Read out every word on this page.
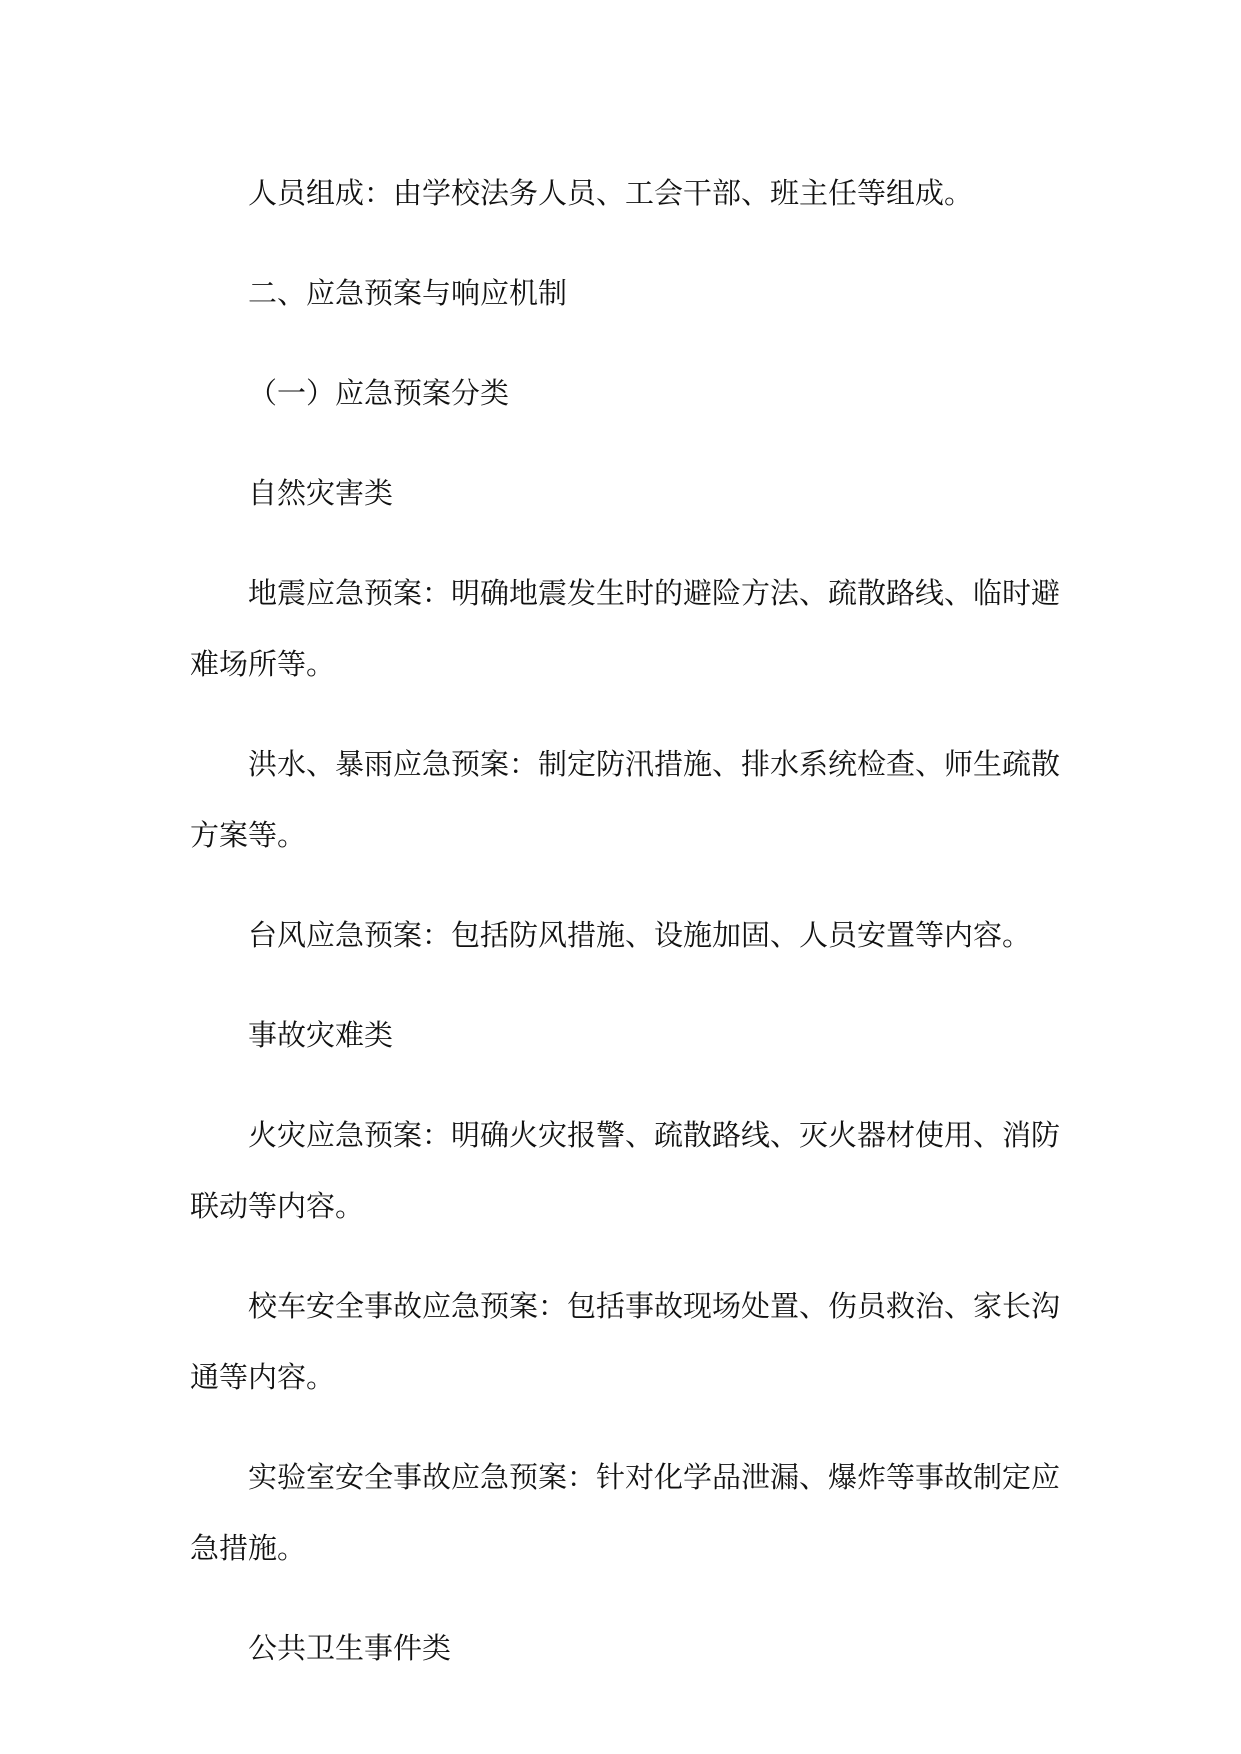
人员组成：由学校法务人员、工会干部、班主任等组成。

二、应急预案与响应机制

（一）应急预案分类

自然灾害类

地震应急预案：明确地震发生时的避险方法、疏散路线、临时避难场所等。

洪水、暴雨应急预案：制定防汛措施、排水系统检查、师生疏散方案等。

台风应急预案：包括防风措施、设施加固、人员安置等内容。

事故灾难类

火灾应急预案：明确火灾报警、疏散路线、灭火器材使用、消防联动等内容。

校车安全事故应急预案：包括事故现场处置、伤员救治、家长沟通等内容。

实验室安全事故应急预案：针对化学品泄漏、爆炸等事故制定应急措施。

公共卫生事件类
